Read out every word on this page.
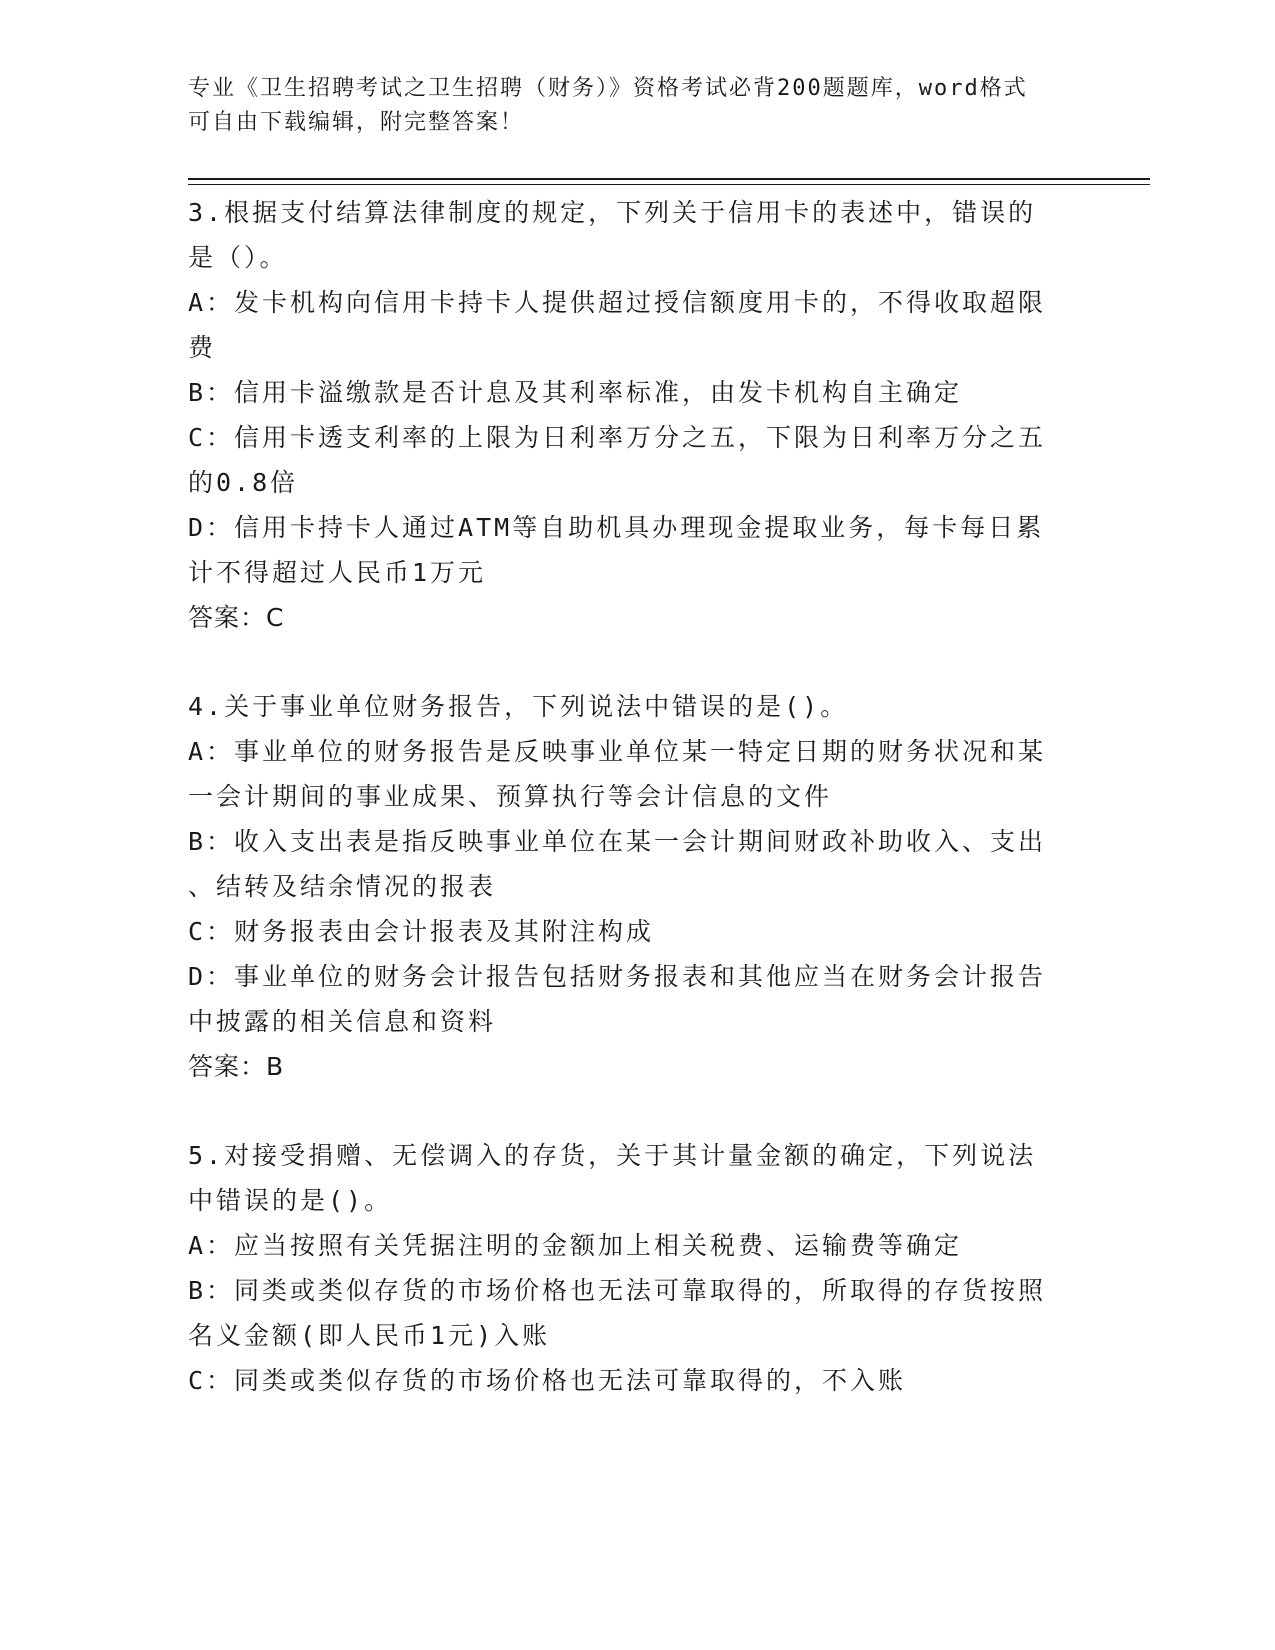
专业《卫生招聘考试之卫生招聘（财务）》资格考试必背200题题库，word格式
可自由下载编辑，附完整答案！
3.根据支付结算法律制度的规定，下列关于信用卡的表述中，错误的
是（）。
A：发卡机构向信用卡持卡人提供超过授信额度用卡的，不得收取超限
费
B：信用卡溢缴款是否计息及其利率标准，由发卡机构自主确定
C：信用卡透支利率的上限为日利率万分之五，下限为日利率万分之五
的0.8倍
D：信用卡持卡人通过ATM等自助机具办理现金提取业务，每卡每日累
计不得超过人民币1万元
答案：C
4.关于事业单位财务报告，下列说法中错误的是()。
A：事业单位的财务报告是反映事业单位某一特定日期的财务状况和某
一会计期间的事业成果、预算执行等会计信息的文件
B：收入支出表是指反映事业单位在某一会计期间财政补助收入、支出
、结转及结余情况的报表
C：财务报表由会计报表及其附注构成
D：事业单位的财务会计报告包括财务报表和其他应当在财务会计报告
中披露的相关信息和资料
答案：B
5.对接受捐赠、无偿调入的存货，关于其计量金额的确定，下列说法
中错误的是()。
A：应当按照有关凭据注明的金额加上相关税费、运输费等确定
B：同类或类似存货的市场价格也无法可靠取得的，所取得的存货按照
名义金额(即人民币1元)入账
C：同类或类似存货的市场价格也无法可靠取得的，不入账
